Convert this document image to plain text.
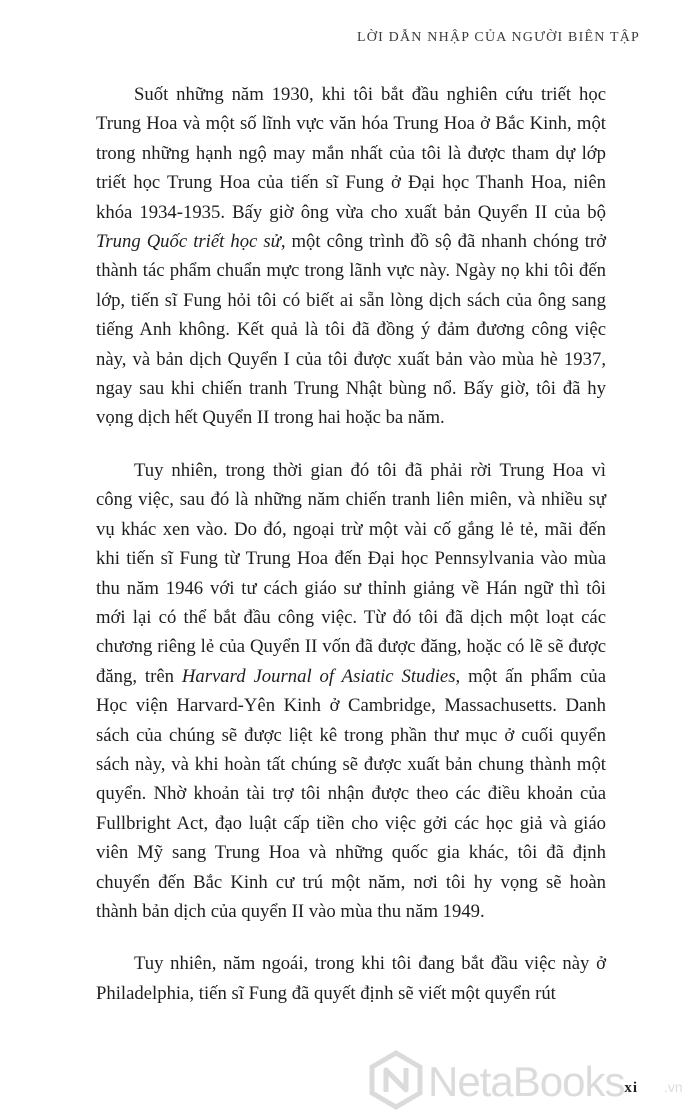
LỜI DẪN NHẬP CỦA NGƯỜI BIÊN TẬP

Suốt những năm 1930, khi tôi bắt đầu nghiên cứu triết học Trung Hoa và một số lĩnh vực văn hóa Trung Hoa ở Bắc Kinh, một trong những hạnh ngộ may mắn nhất của tôi là được tham dự lớp triết học Trung Hoa của tiến sĩ Fung ở Đại học Thanh Hoa, niên khóa 1934-1935. Bấy giờ ông vừa cho xuất bản Quyển II của bộ Trung Quốc triết học sử, một công trình đồ sộ đã nhanh chóng trở thành tác phẩm chuẩn mực trong lãnh vực này. Ngày nọ khi tôi đến lớp, tiến sĩ Fung hỏi tôi có biết ai sẵn lòng dịch sách của ông sang tiếng Anh không. Kết quả là tôi đã đồng ý đảm đương công việc này, và bản dịch Quyển I của tôi được xuất bản vào mùa hè 1937, ngay sau khi chiến tranh Trung Nhật bùng nổ. Bấy giờ, tôi đã hy vọng dịch hết Quyển II trong hai hoặc ba năm.

Tuy nhiên, trong thời gian đó tôi đã phải rời Trung Hoa vì công việc, sau đó là những năm chiến tranh liên miên, và nhiều sự vụ khác xen vào. Do đó, ngoại trừ một vài cố gắng lẻ tẻ, mãi đến khi tiến sĩ Fung từ Trung Hoa đến Đại học Pennsylvania vào mùa thu năm 1946 với tư cách giáo sư thỉnh giảng về Hán ngữ thì tôi mới lại có thể bắt đầu công việc. Từ đó tôi đã dịch một loạt các chương riêng lẻ của Quyển II vốn đã được đăng, hoặc có lẽ sẽ được đăng, trên Harvard Journal of Asiatic Studies, một ấn phẩm của Học viện Harvard-Yên Kinh ở Cambridge, Massachusetts. Danh sách của chúng sẽ được liệt kê trong phần thư mục ở cuối quyển sách này, và khi hoàn tất chúng sẽ được xuất bản chung thành một quyển. Nhờ khoản tài trợ tôi nhận được theo các điều khoản của Fullbright Act, đạo luật cấp tiền cho việc gởi các học giả và giáo viên Mỹ sang Trung Hoa và những quốc gia khác, tôi đã định chuyển đến Bắc Kinh cư trú một năm, nơi tôi hy vọng sẽ hoàn thành bản dịch của quyển II vào mùa thu năm 1949.

Tuy nhiên, năm ngoái, trong khi tôi đang bắt đầu việc này ở Philadelphia, tiến sĩ Fung đã quyết định sẽ viết một quyển rút

xi
NetaBooks	.vn
